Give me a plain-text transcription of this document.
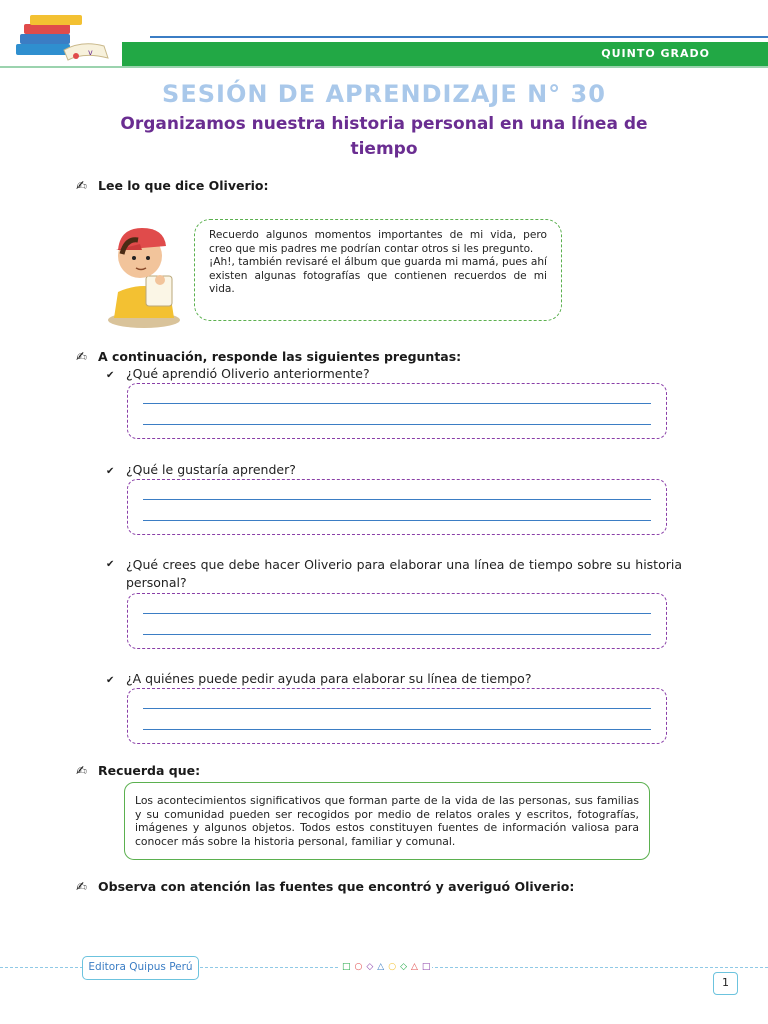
v	QUINTO GRADO
SESIÓN DE APRENDIZAJE N° 30
Organizamos nuestra historia personal en una línea de tiempo
✍ Lee lo que dice Oliverio:

Recuerdo algunos momentos importantes de mi vida, pero creo que mis padres me podrían contar otros si les pregunto.

¡Ah!, también revisaré el álbum que guarda mi mamá, pues ahí existen algunas fotografías que contienen recuerdos de mi vida.

✍ A continuación, responde las siguientes preguntas:
✔ ¿Qué aprendió Oliverio anteriormente?
✔ ¿Qué le gustaría aprender?
✔ ¿Qué crees que debe hacer Oliverio para elaborar una línea de tiempo sobre su historia personal?
✔ ¿A quiénes puede pedir ayuda para elaborar su línea de tiempo?
✍ Recuerda que:
Los acontecimientos significativos que forman parte de la vida de las personas, sus familias y su comunidad pueden ser recogidos por medio de relatos orales y escritos, fotografías, imágenes y algunos objetos. Todos estos constituyen fuentes de información valiosa para conocer más sobre la historia personal, familiar y comunal.
✍ Observa con atención las fuentes que encontró y averiguó Oliverio:
Editora Quipus Perú	□ ○ ◇ △ ○ ◇ △ □
1
